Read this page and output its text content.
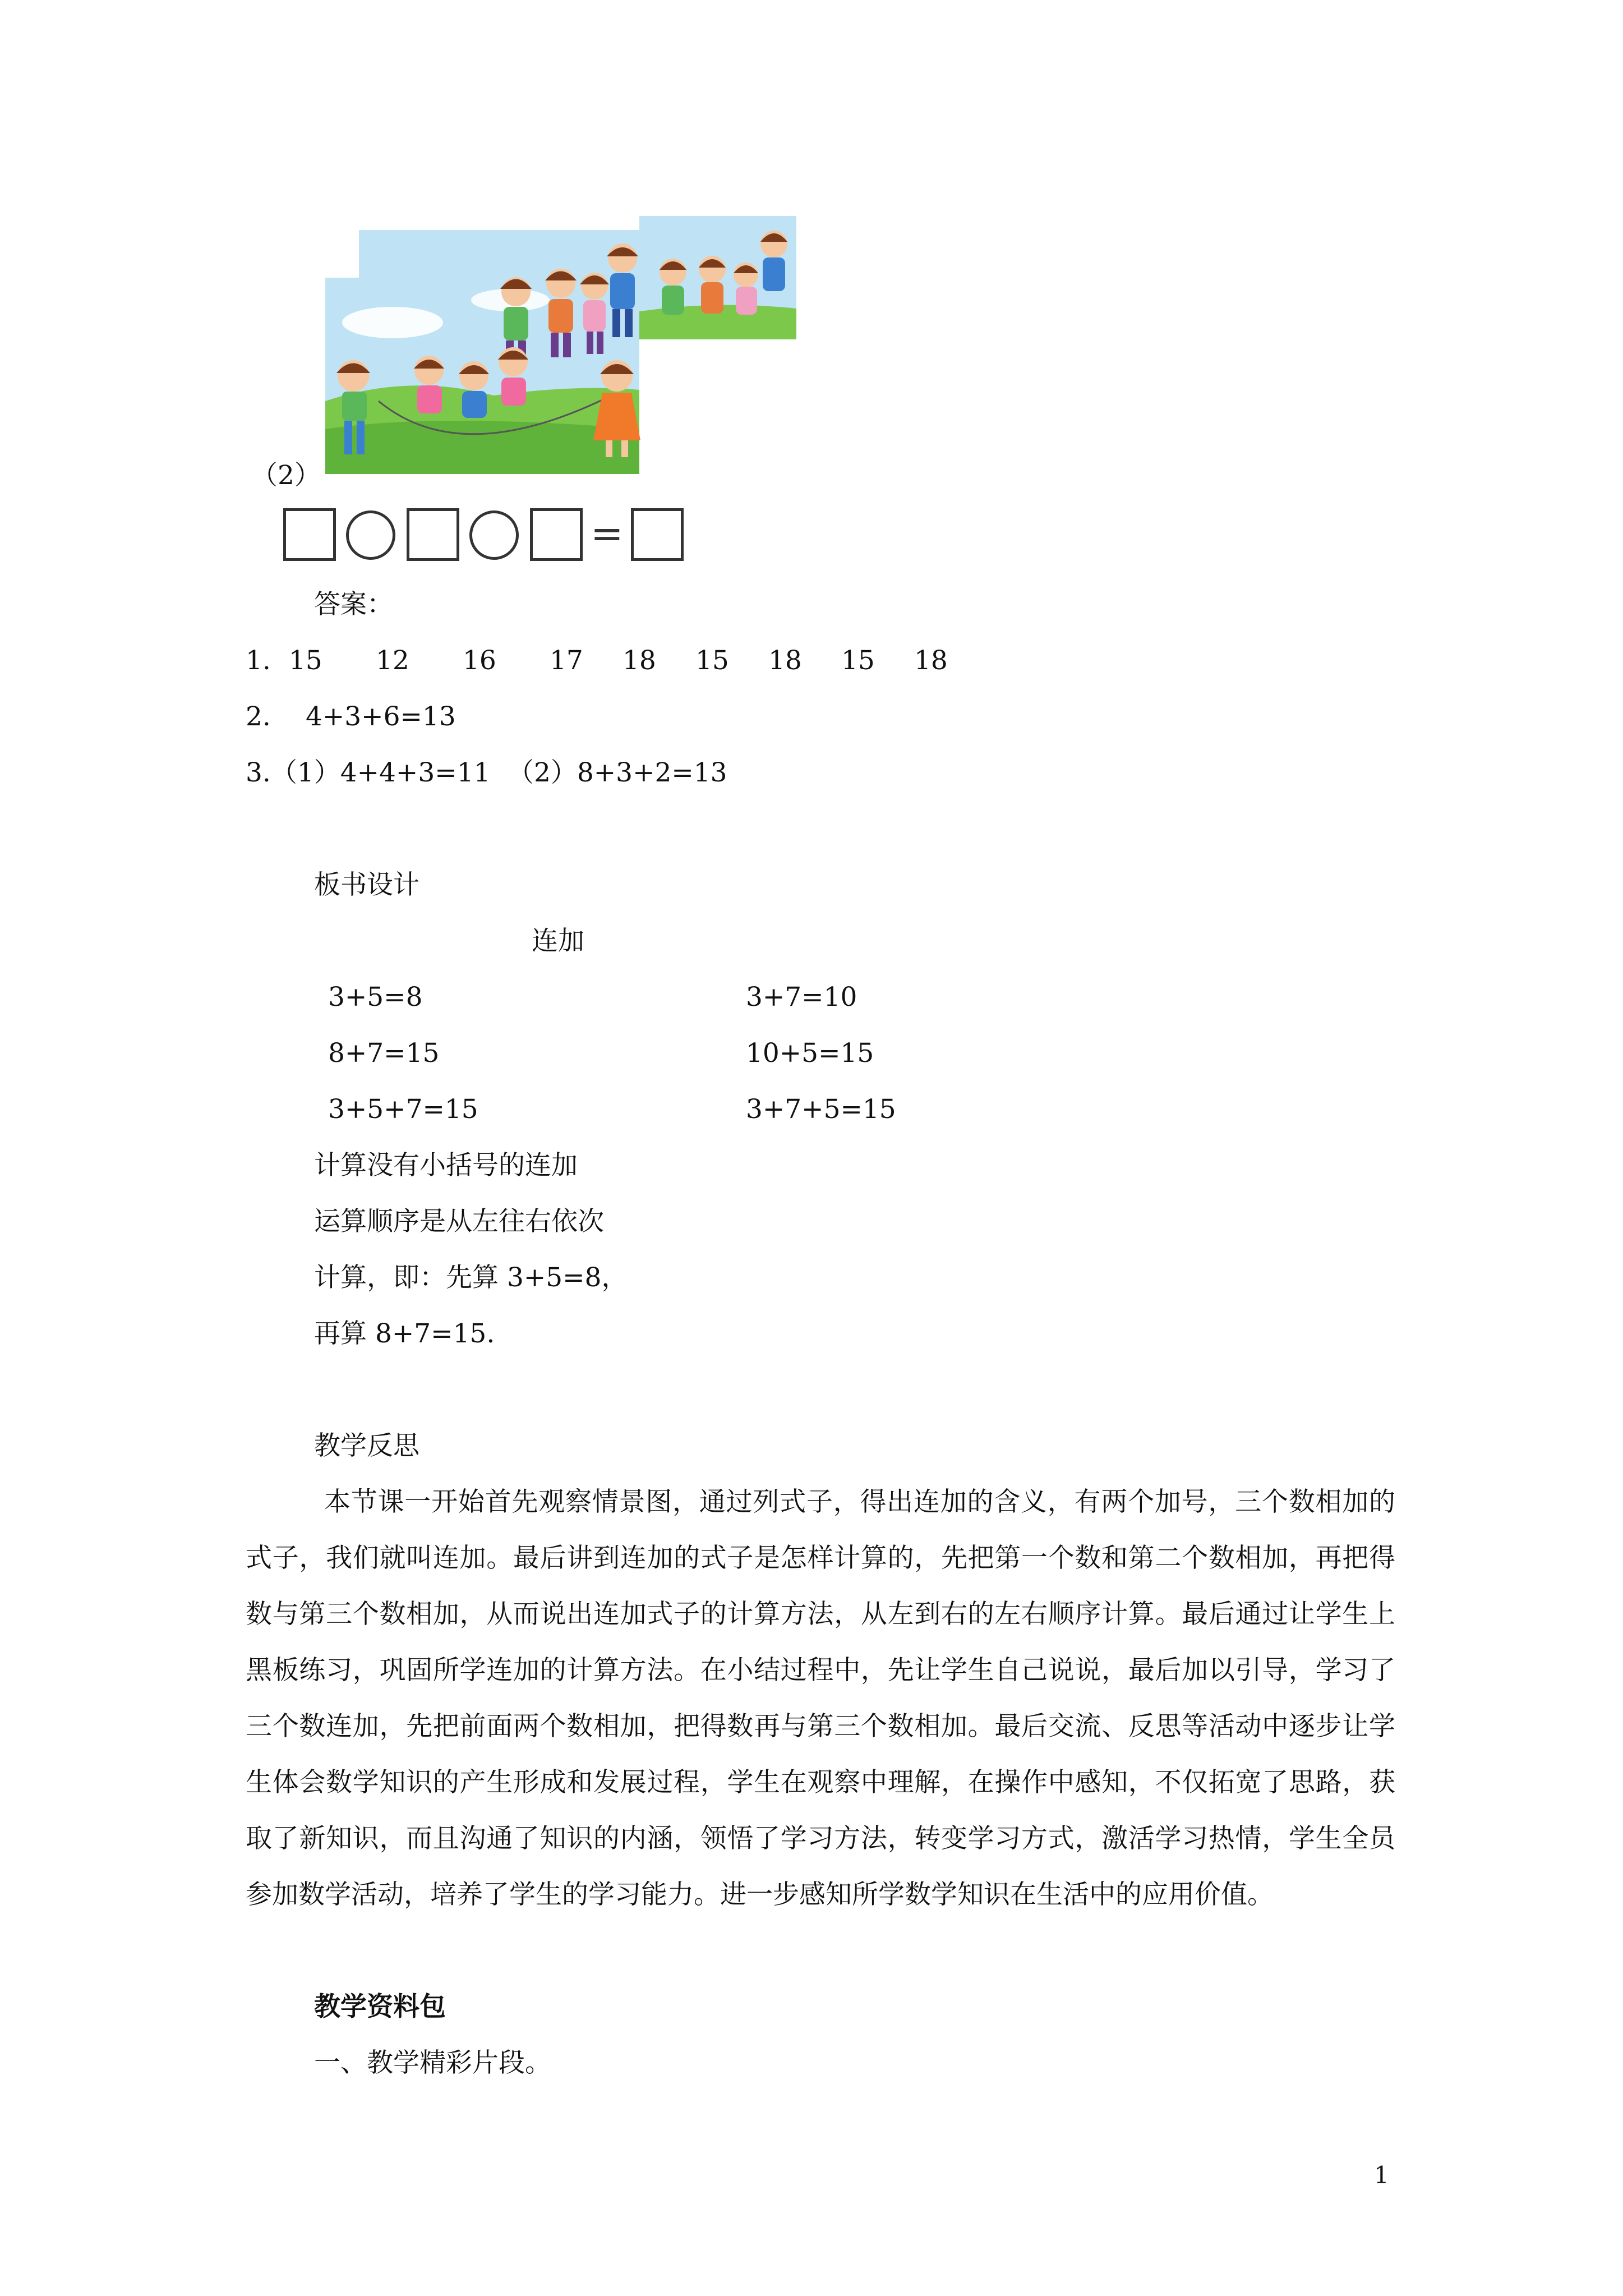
（2）
=
答案：
1. 15 12 16 17 18 15 18 15 18
2. 4+3+6=13
3.（1）4+4+3=11 （2）8+3+2=13
板书设计
连加
3+5=8
8+7=15
3+5+7=15
3+7=10
10+5=15
3+7+5=15
计算没有小括号的连加
运算顺序是从左往右依次
计算，即：先算 3+5=8，
再算 8+7=15.
教学反思

本节课一开始首先观察情景图，通过列式子，得出连加的含义，有两个加号，三个数相加的式子，我们就叫连加。最后讲到连加的式子是怎样计算的，先把第一个数和第二个数相加，再把得数与第三个数相加，从而说出连加式子的计算方法，从左到右的左右顺序计算。最后通过让学生上黑板练习，巩固所学连加的计算方法。在小结过程中，先让学生自己说说，最后加以引导，学习了三个数连加，先把前面两个数相加，把得数再与第三个数相加。最后交流、反思等活动中逐步让学生体会数学知识的产生形成和发展过程，学生在观察中理解，在操作中感知，不仅拓宽了思路，获取了新知识，而且沟通了知识的内涵，领悟了学习方法，转变学习方式，激活学习热情，学生全员参加数学活动，培养了学生的学习能力。进一步感知所学数学知识在生活中的应用价值。

教学资料包
一、教学精彩片段。
1
